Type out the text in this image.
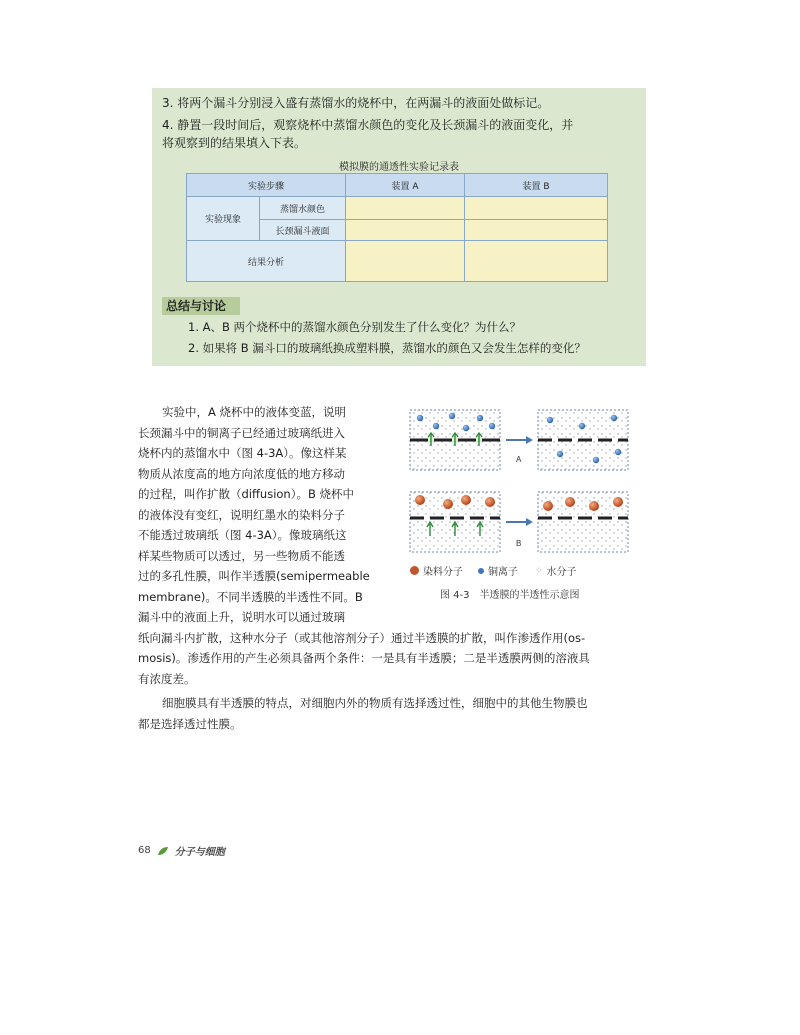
3. 将两个漏斗分别浸入盛有蒸馏水的烧杯中，在两漏斗的液面处做标记。
4. 静置一段时间后，观察烧杯中蒸馏水颜色的变化及长颈漏斗的液面变化，并
将观察到的结果填入下表。
模拟膜的通透性实验记录表
实验步骤		装置 A	装置 B
实验现象	蒸馏水颜色		
	长颈漏斗液面		
结果分析			
总结与讨论
1. A、B 两个烧杯中的蒸馏水颜色分别发生了什么变化？为什么？
2. 如果将 B 漏斗口的玻璃纸换成塑料膜，蒸馏水的颜色又会发生怎样的变化？
实验中，A 烧杯中的液体变蓝，说明
长颈漏斗中的铜离子已经通过玻璃纸进入
烧杯内的蒸馏水中（图 4-3A）。像这样某
物质从浓度高的地方向浓度低的地方移动
的过程，叫作扩散（diffusion）。B 烧杯中
的液体没有变红，说明红墨水的染料分子
不能透过玻璃纸（图 4-3A）。像玻璃纸这
样某些物质可以透过，另一些物质不能透
过的多孔性膜，叫作半透膜(semipermeable
membrane)。不同半透膜的半透性不同。B
漏斗中的液面上升，说明水可以通过玻璃
纸向漏斗内扩散，这种水分子（或其他溶剂分子）通过半透膜的扩散，叫作渗透作用(os-
mosis)。渗透作用的产生必须具备两个条件：一是具有半透膜；二是半透膜两侧的溶液具
有浓度差。
细胞膜具有半透膜的特点，对细胞内外的物质有选择透过性，细胞中的其他生物膜也
都是选择透过性膜。
A
B
染料分子	铜离子 ⁘ 水分子
图 4-3　半透膜的半透性示意图
68 分子与细胞
